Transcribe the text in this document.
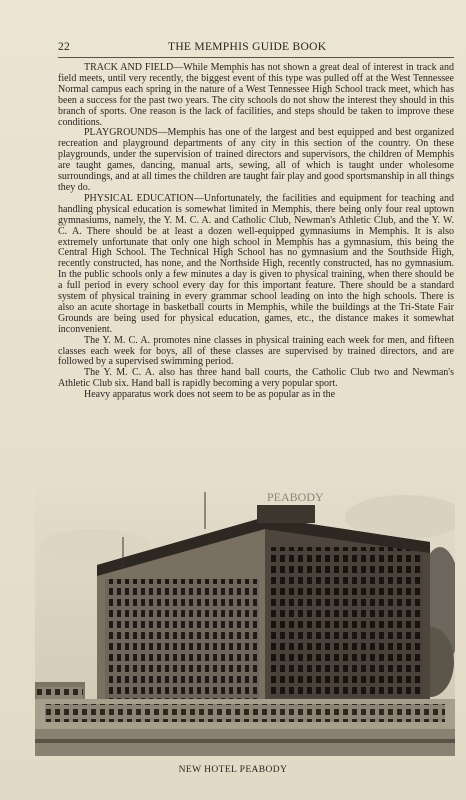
22	THE MEMPHIS GUIDE BOOK

TRACK AND FIELD—While Memphis has not shown a great deal of interest in track and field meets, until very recently, the biggest event of this type was pulled off at the West Tennessee Normal campus each spring in the nature of a West Tennessee High School track meet, which has been a success for the past two years. The city schools do not show the interest they should in this branch of sports. One reason is the lack of facilities, and steps should be taken to improve these conditions.

PLAYGROUNDS—Memphis has one of the largest and best equipped and best organized recreation and playground departments of any city in this section of the country. On these playgrounds, under the supervision of trained directors and supervisors, the children of Memphis are taught games, dancing, manual arts, sewing, all of which is taught under wholesome surroundings, and at all times the children are taught fair play and good sportsmanship in all things they do.

PHYSICAL EDUCATION—Unfortunately, the facilities and equipment for teaching and handling physical education is somewhat limited in Memphis, there being only four real uptown gymnasiums, namely, the Y. M. C. A. and Catholic Club, Newman's Athletic Club, and the Y. W. C. A. There should be at least a dozen well-equipped gymnasiums in Memphis. It is also extremely unfortunate that only one high school in Memphis has a gymnasium, this being the Central High School. The Technical High School has no gymnasium and the Southside High, recently constructed, has none, and the Northside High, recently constructed, has no gymnasium. In the public schools only a few minutes a day is given to physical training, when there should be a full period in every school every day for this important feature. There should be a standard system of physical training in every grammar school leading on into the high schools. There is also an acute shortage in basketball courts in Memphis, while the buildings at the Tri-State Fair Grounds are being used for physical education, games, etc., the distance makes it somewhat inconvenient.

The Y. M. C. A. promotes nine classes in physical training each week for men, and fifteen classes each week for boys, all of these classes are supervised by trained directors, and are followed by a supervised swimming period.

The Y. M. C. A. also has three hand ball courts, the Catholic Club two and Newman's Athletic Club six. Hand ball is rapidly becoming a very popular sport.

Heavy apparatus work does not seem to be as popular as in the

PEABODY
NEW HOTEL PEABODY
